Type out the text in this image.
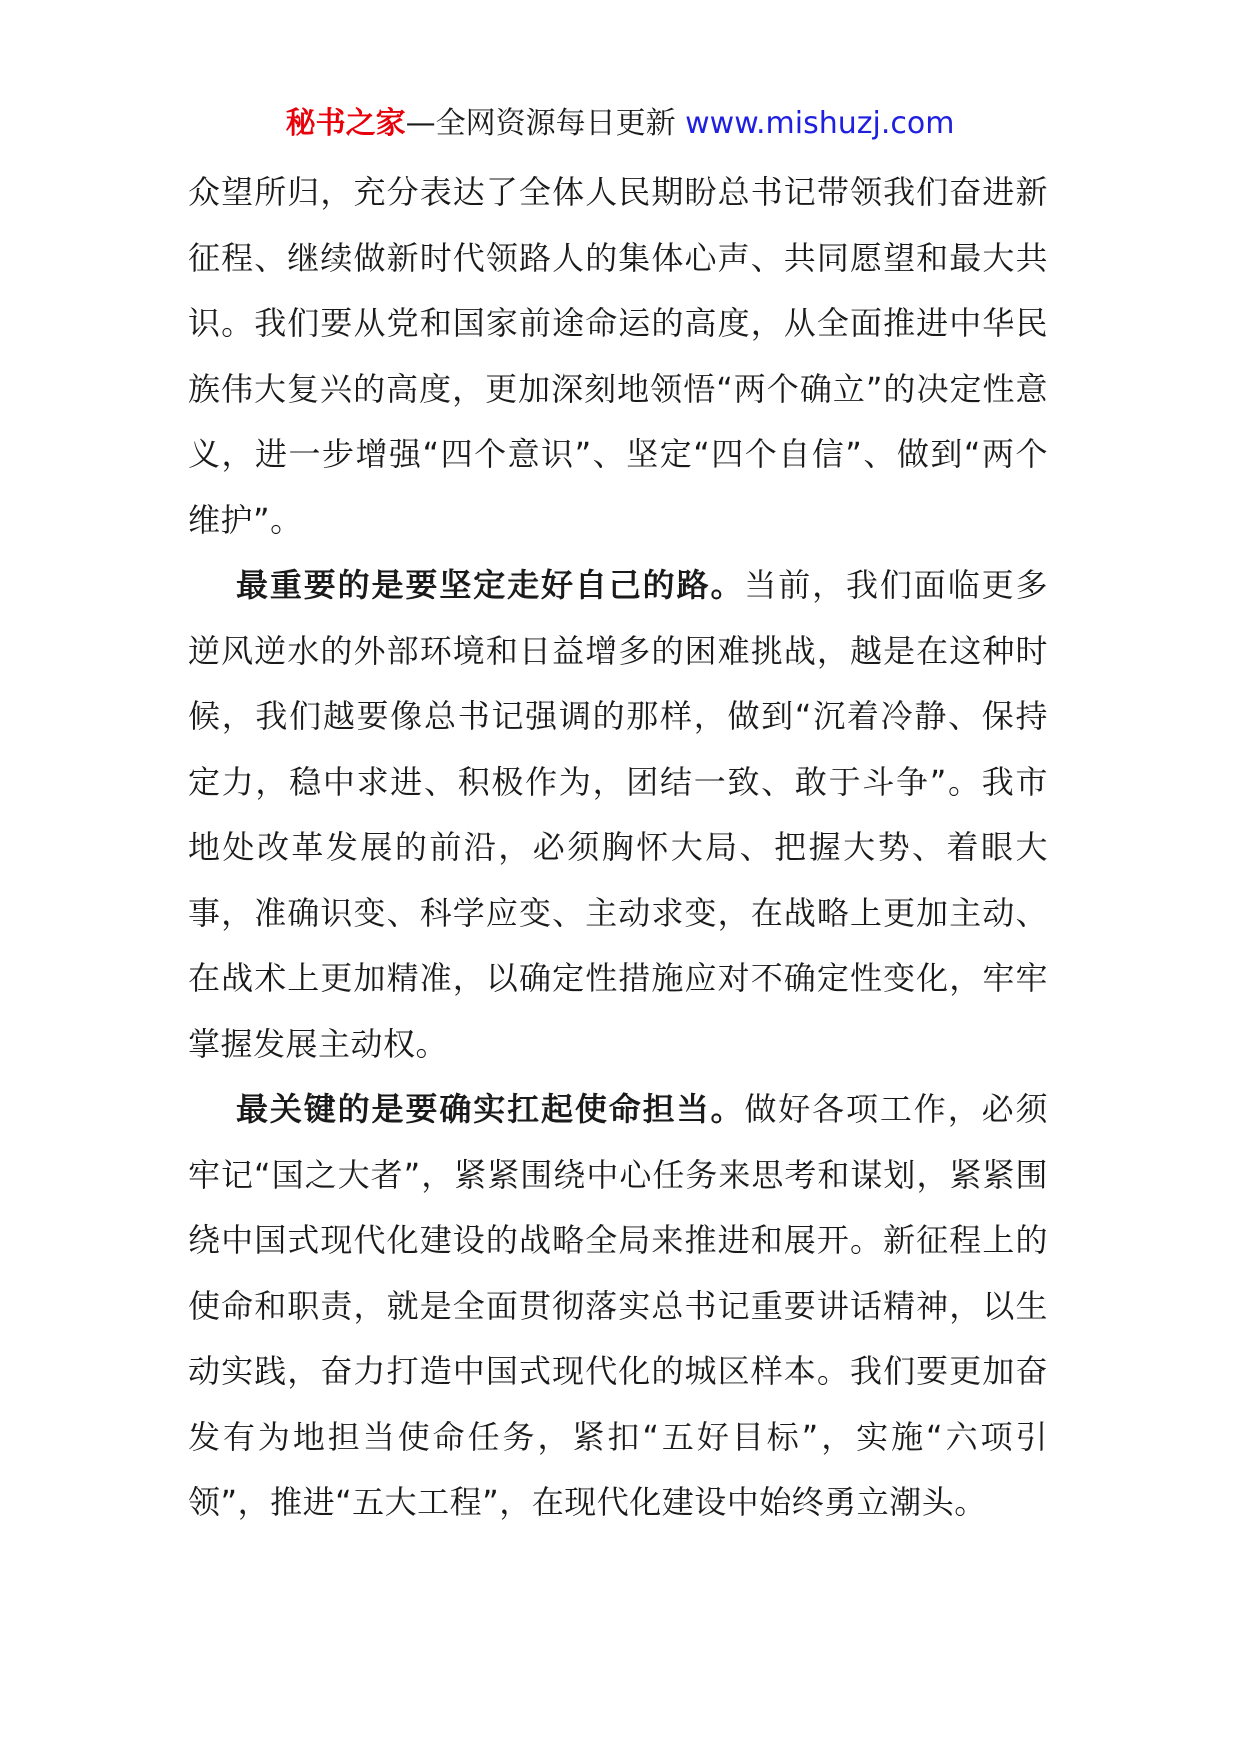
秘书之家—全网资源每日更新 www.mishuzj.com

众望所归，充分表达了全体人民期盼总书记带领我们奋进新征程、继续做新时代领路人的集体心声、共同愿望和最大共识。我们要从党和国家前途命运的高度，从全面推进中华民族伟大复兴的高度，更加深刻地领悟“两个确立”的决定性意义，进一步增强“四个意识”、坚定“四个自信”、做到“两个维护”。

最重要的是要坚定走好自己的路。当前，我们面临更多逆风逆水的外部环境和日益增多的困难挑战，越是在这种时候，我们越要像总书记强调的那样，做到“沉着冷静、保持定力，稳中求进、积极作为，团结一致、敢于斗争”。我市地处改革发展的前沿，必须胸怀大局、把握大势、着眼大事，准确识变、科学应变、主动求变，在战略上更加主动、在战术上更加精准，以确定性措施应对不确定性变化，牢牢掌握发展主动权。

最关键的是要确实扛起使命担当。做好各项工作，必须牢记“国之大者”，紧紧围绕中心任务来思考和谋划，紧紧围绕中国式现代化建设的战略全局来推进和展开。新征程上的使命和职责，就是全面贯彻落实总书记重要讲话精神，以生动实践，奋力打造中国式现代化的城区样本。我们要更加奋发有为地担当使命任务，紧扣“五好目标”，实施“六项引领”，推进“五大工程”，在现代化建设中始终勇立潮头。
